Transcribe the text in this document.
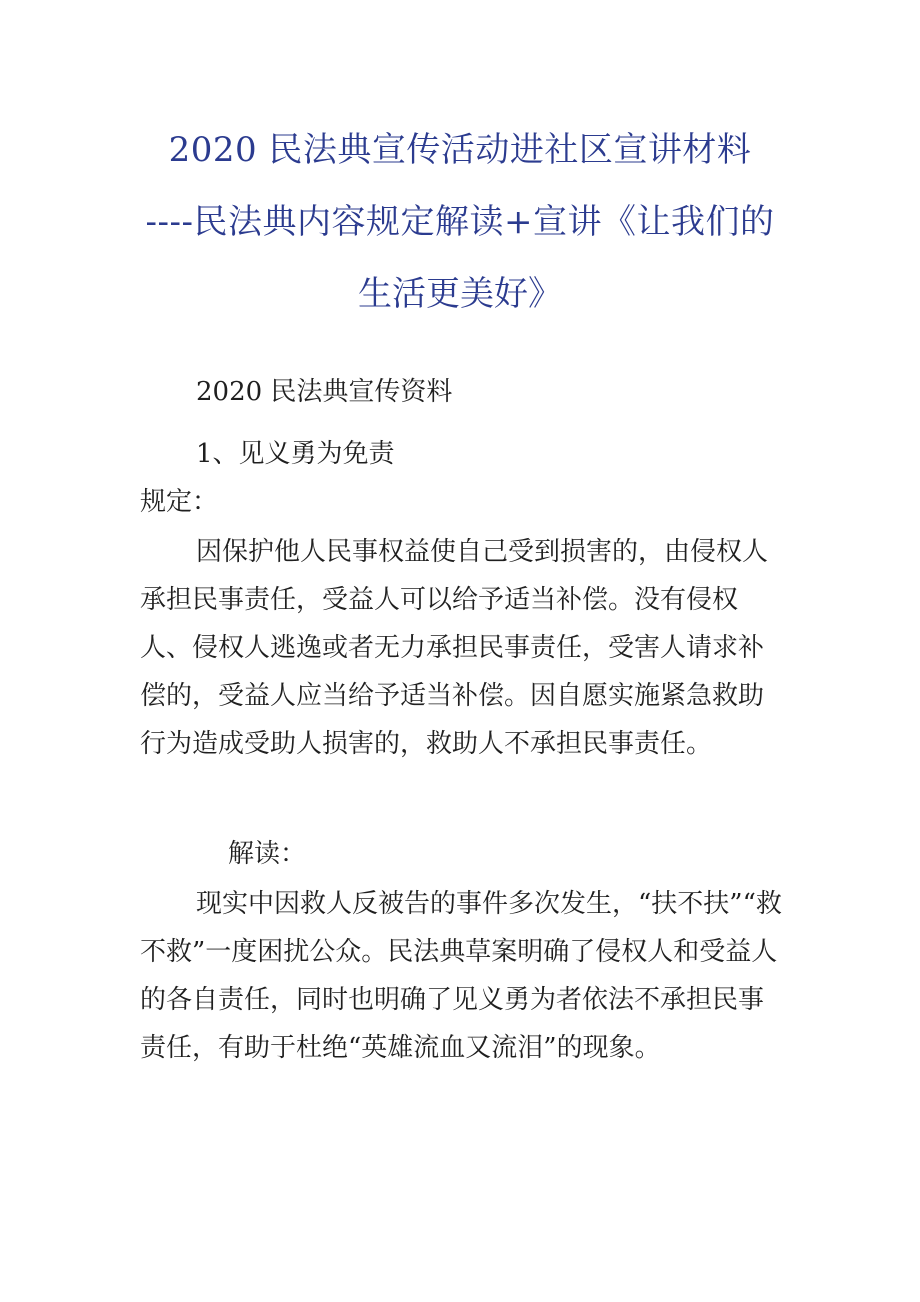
2020 民法典宣传活动进社区宣讲材料
----民法典内容规定解读+宣讲《让我们的
生活更美好》

2020 民法典宣传资料

1、见义勇为免责

规定：

因保护他人民事权益使自己受到损害的，由侵权人承担民事责任，受益人可以给予适当补偿。没有侵权人、侵权人逃逸或者无力承担民事责任，受害人请求补偿的，受益人应当给予适当补偿。因自愿实施紧急救助行为造成受助人损害的，救助人不承担民事责任。

解读：

现实中因救人反被告的事件多次发生，“扶不扶”“救不救”一度困扰公众。民法典草案明确了侵权人和受益人的各自责任，同时也明确了见义勇为者依法不承担民事责任，有助于杜绝“英雄流血又流泪”的现象。
